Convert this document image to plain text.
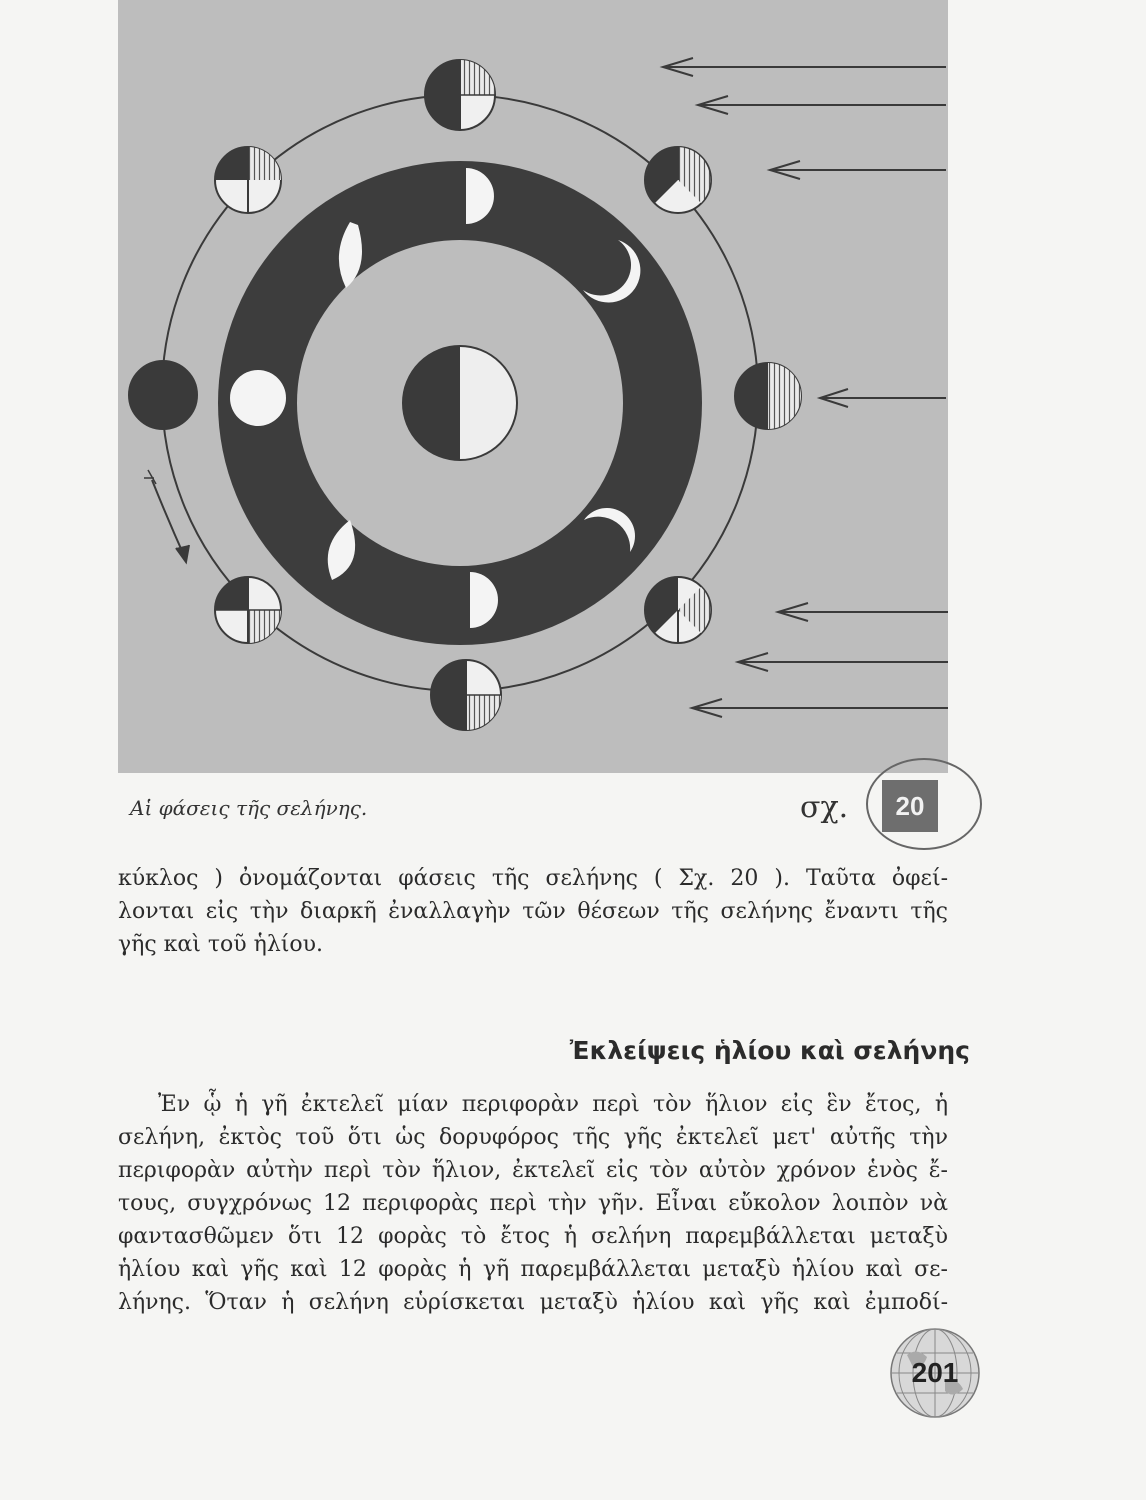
Αἱ φάσεις τῆς σελήνης.	σχ.	20
κύκλος ) ὀνομάζονται φάσεις τῆς σελήνης ( Σχ. 20 ). Ταῦτα ὀφεί-
λονται εἰς τὴν διαρκῆ ἐναλλαγὴν τῶν θέσεων τῆς σελήνης ἔναντι τῆς
γῆς καὶ τοῦ ἡλίου.
Ἐκλείψεις ἡλίου καὶ σελήνης
Ἐν ᾧ ἡ γῆ ἐκτελεῖ μίαν περιφορὰν περὶ τὸν ἥλιον εἰς ἓν ἔτος, ἡ
σελήνη, ἐκτὸς τοῦ ὅτι ὡς δορυφόρος τῆς γῆς ἐκτελεῖ μετ' αὐτῆς τὴν
περιφορὰν αὐτὴν περὶ τὸν ἥλιον, ἐκτελεῖ εἰς τὸν αὐτὸν χρόνον ἑνὸς ἔ-
τους, συγχρόνως 12 περιφορὰς περὶ τὴν γῆν. Εἶναι εὔκολον λοιπὸν νὰ
φαντασθῶμεν ὅτι 12 φορὰς τὸ ἔτος ἡ σελήνη παρεμβάλλεται μεταξὺ
ἡλίου καὶ γῆς καὶ 12 φορὰς ἡ γῆ παρεμβάλλεται μεταξὺ ἡλίου καὶ σε-
λήνης. Ὅταν ἡ σελήνη εὑρίσκεται μεταξὺ ἡλίου καὶ γῆς καὶ ἐμποδί-
201
